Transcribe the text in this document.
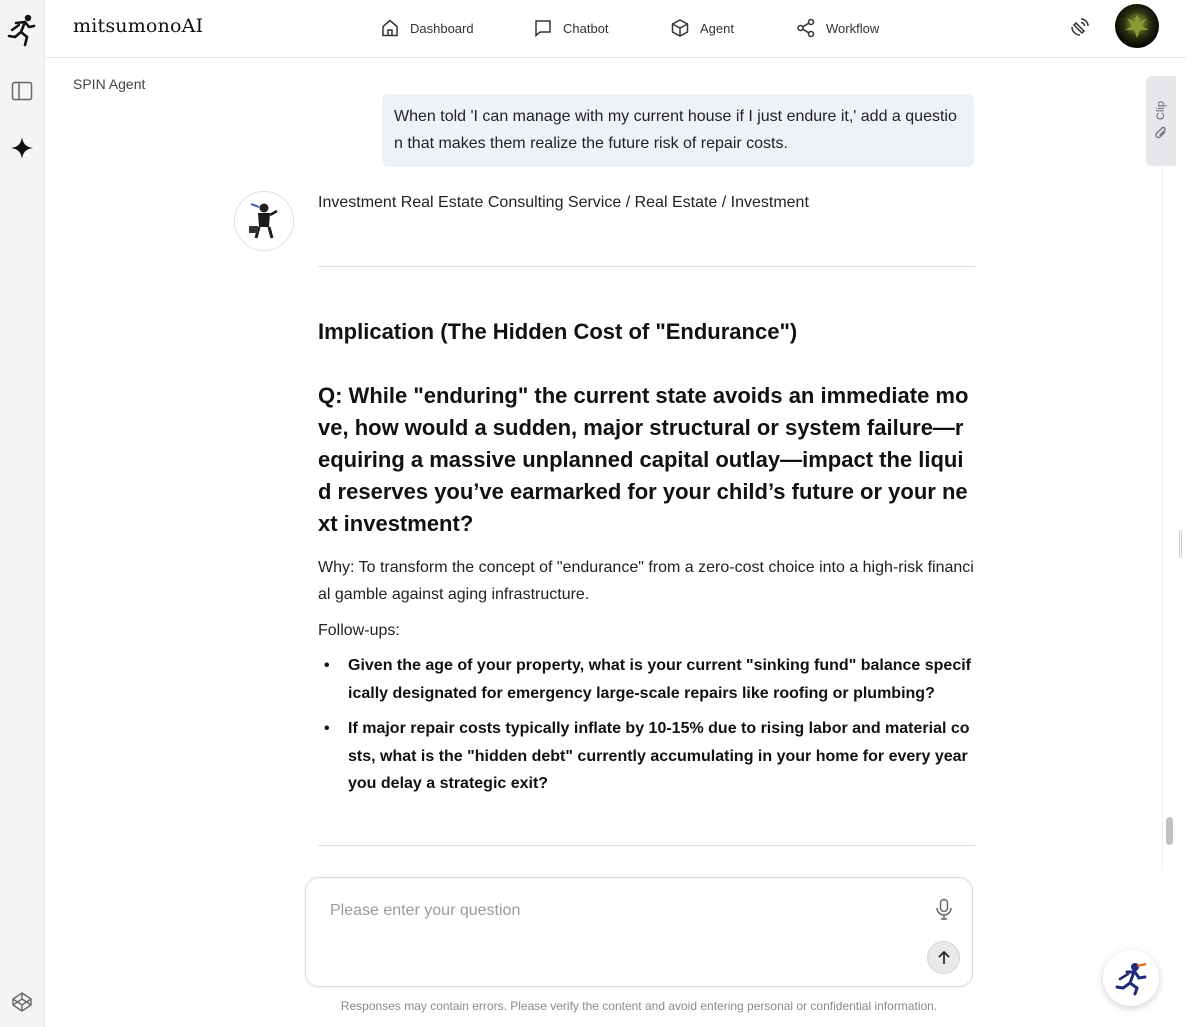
mitsumonoAI	Dashboard	Chatbot	Agent	Workflow
SPIN Agent
Clip
When told 'I can manage with my current house if I just endure it,' add a question that makes them realize the future risk of repair costs.
Investment Real Estate Consulting Service / Real Estate / Investment
Implication (The Hidden Cost of "Endurance")
Q: While "enduring" the current state avoids an immediate move, how would a sudden, major structural or system failure—requiring a massive unplanned capital outlay—impact the liquid reserves you’ve earmarked for your child’s future or your next investment?
Why: To transform the concept of "endurance" from a zero-cost choice into a high-risk financial gamble against aging infrastructure.
Follow-ups:
• Given the age of your property, what is your current "sinking fund" balance specifically designated for emergency large-scale repairs like roofing or plumbing?
• If major repair costs typically inflate by 10-15% due to rising labor and material costs, what is the "hidden debt" currently accumulating in your home for every year you delay a strategic exit?
Please enter your question
Responses may contain errors. Please verify the content and avoid entering personal or confidential information.
